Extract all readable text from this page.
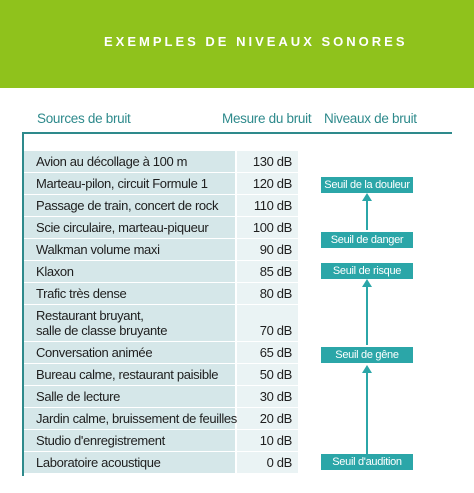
EXEMPLES DE NIVEAUX SONORES
Sources de bruit	Mesure du bruit Niveaux de bruit
Avion au décollage à 100 m	130 dB
Marteau-pilon, circuit Formule 1	120 dB
Passage de train, concert de rock	110 dB
Scie circulaire, marteau-piqueur	100 dB
Walkman volume maxi	90 dB
Klaxon	85 dB
Trafic très dense	80 dB
Restaurant bruyant,
salle de classe bruyante	70 dB
Conversation animée	65 dB
Bureau calme, restaurant paisible	50 dB
Salle de lecture	30 dB
Jardin calme, bruissement de feuilles 20 dB
Studio d'enregistrement	10 dB
Laboratoire acoustique	0 dB
Seuil de la douleur
Seuil de danger
Seuil de risque
Seuil de gêne
Seuil d'audition
